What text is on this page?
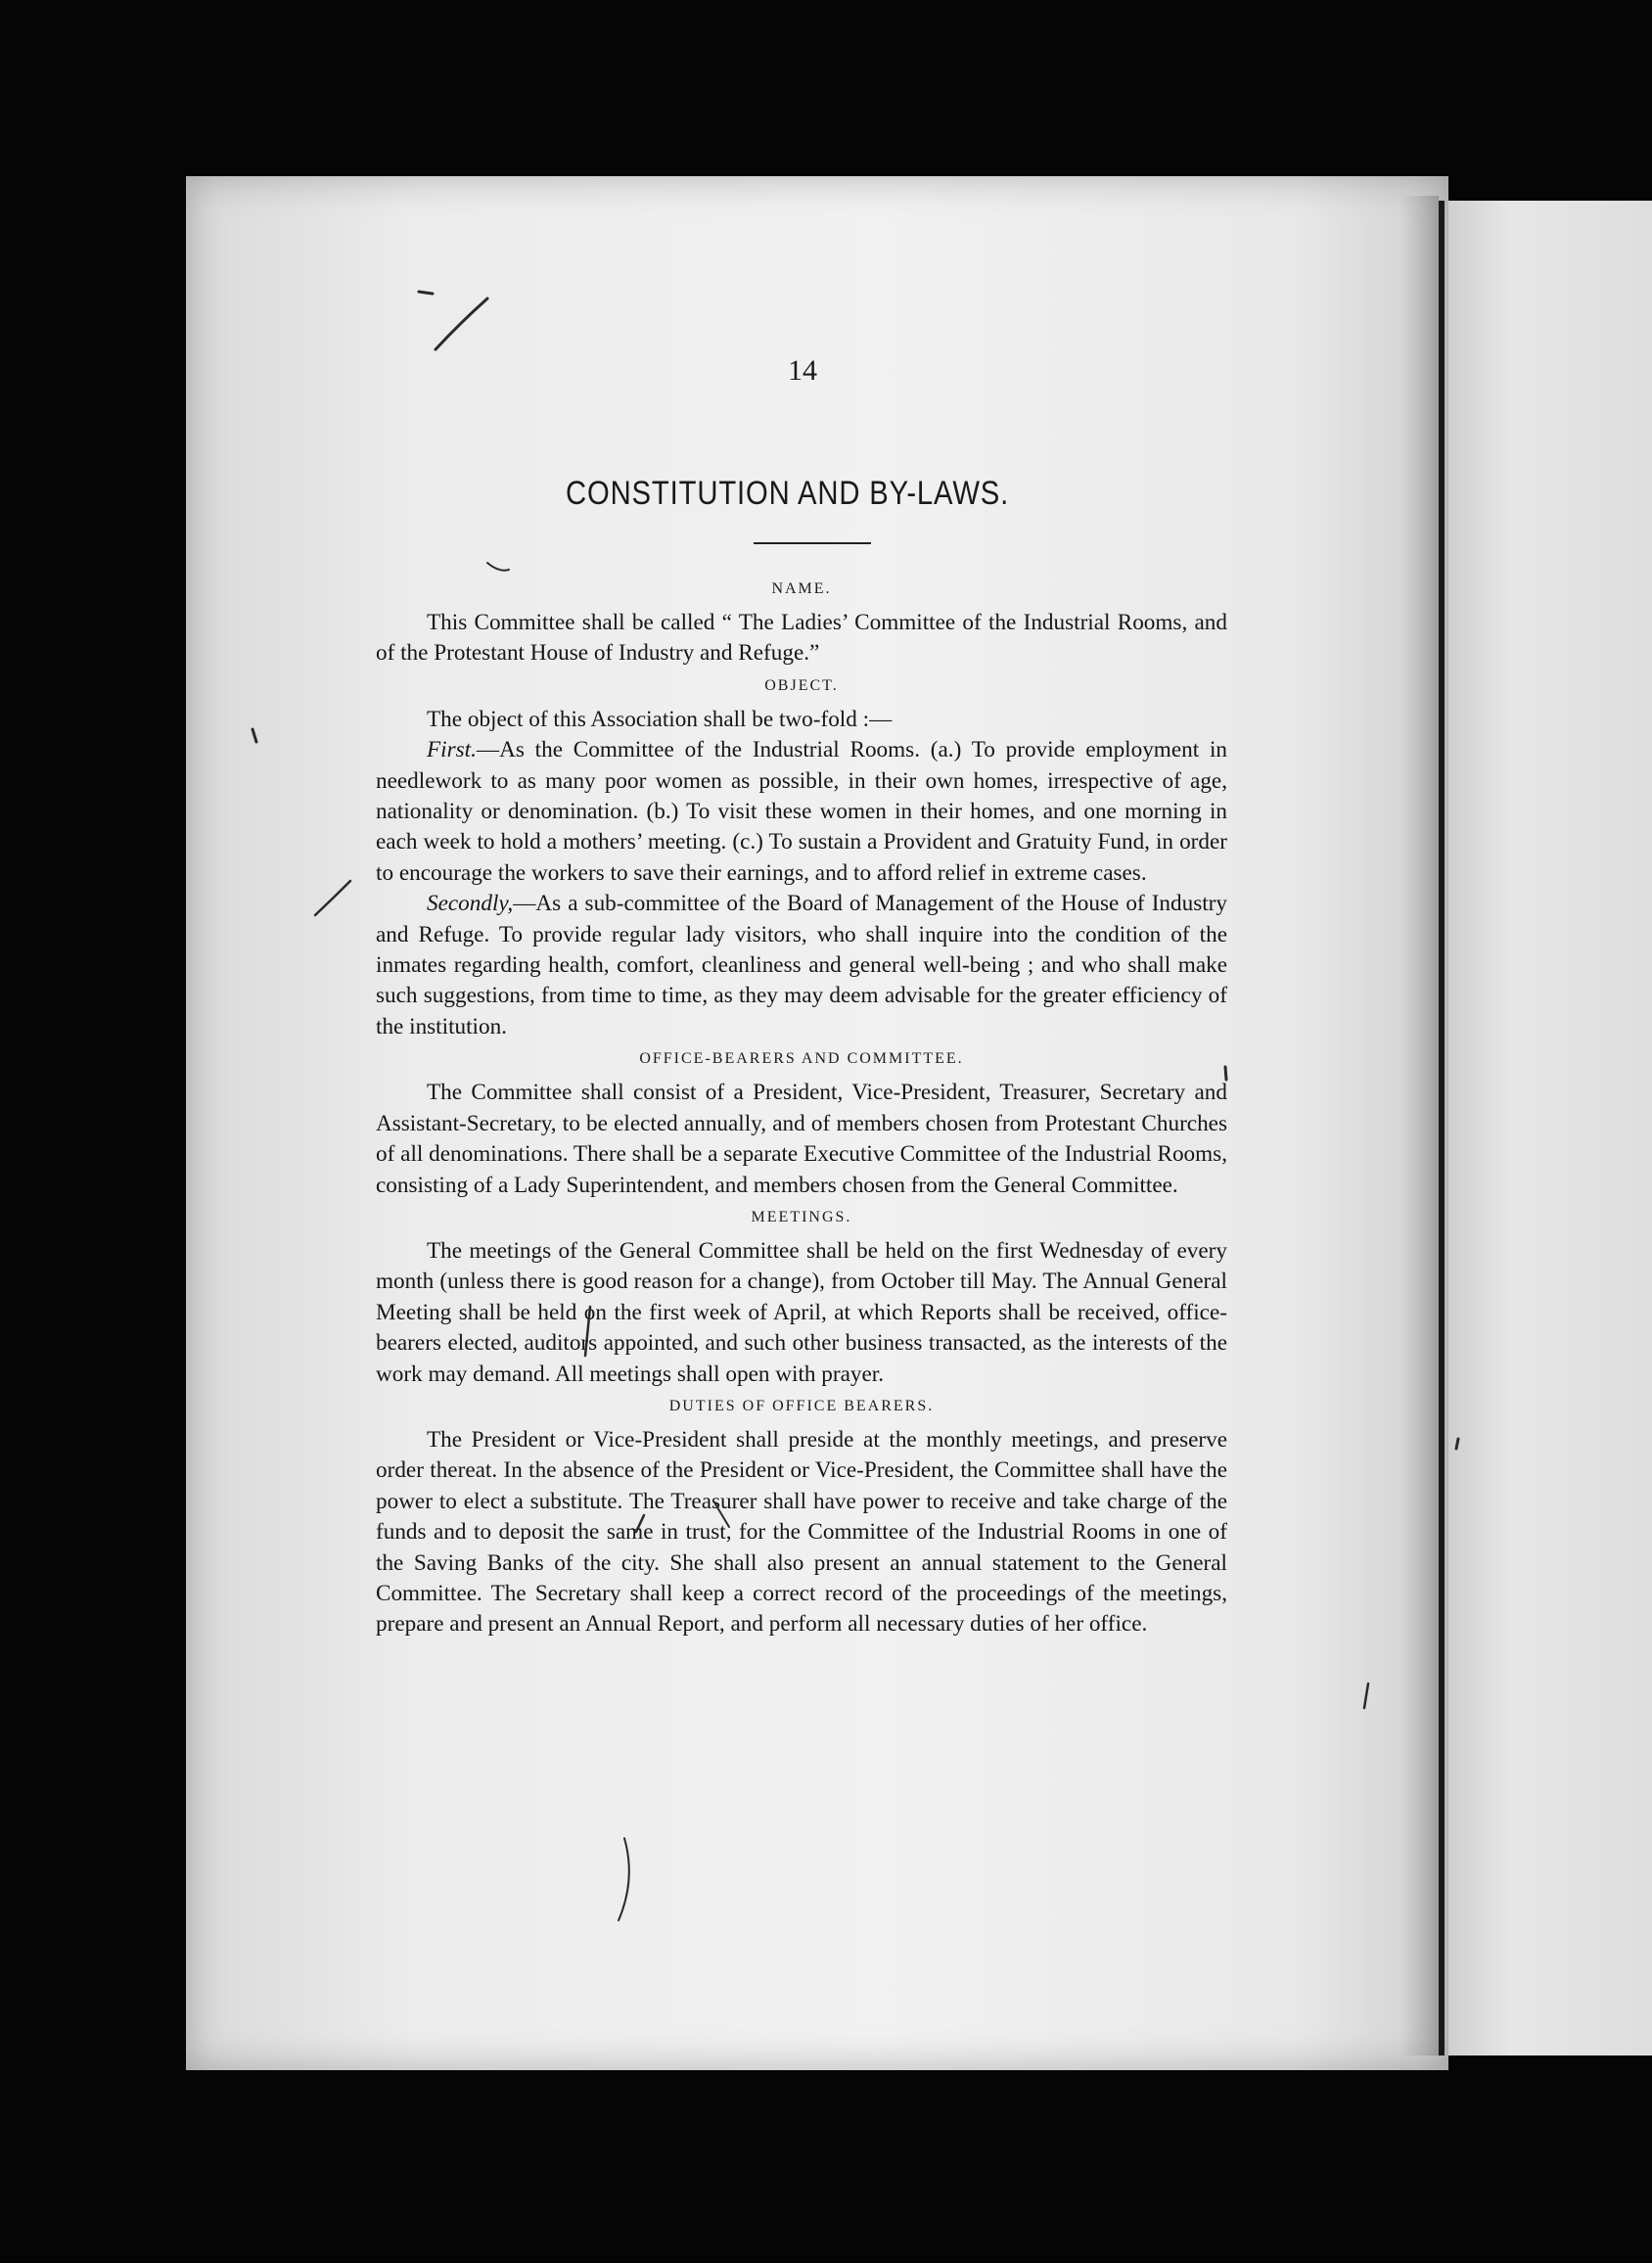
14
CONSTITUTION AND BY-LAWS.
NAME.

This Committee shall be called “ The Ladies’ Committee of the Industrial Rooms, and of the Protestant House of Industry and Refuge.”

OBJECT.

The object of this Association shall be two-fold :—

First.—As the Committee of the Industrial Rooms. (a.) To provide employment in needlework to as many poor women as possible, in their own homes, irrespective of age, nationality or denomination. (b.) To visit these women in their homes, and one morning in each week to hold a mothers’ meeting. (c.) To sustain a Provident and Gratuity Fund, in order to encourage the workers to save their earnings, and to afford relief in extreme cases.

Secondly,—As a sub-committee of the Board of Management of the House of Industry and Refuge. To provide regular lady visitors, who shall inquire into the condition of the inmates regarding health, comfort, cleanliness and general well-being ; and who shall make such suggestions, from time to time, as they may deem advisable for the greater efficiency of the institution.

OFFICE-BEARERS AND COMMITTEE.

The Committee shall consist of a President, Vice-President, Treasurer, Secretary and Assistant-Secretary, to be elected annually, and of members chosen from Protestant Churches of all denominations. There shall be a separate Executive Committee of the Industrial Rooms, consisting of a Lady Superintendent, and members chosen from the General Committee.

MEETINGS.

The meetings of the General Committee shall be held on the first Wednesday of every month (unless there is good reason for a change), from October till May. The Annual General Meeting shall be held on the first week of April, at which Reports shall be received, office-bearers elected, auditors appointed, and such other business transacted, as the interests of the work may demand. All meetings shall open with prayer.

DUTIES OF OFFICE BEARERS.

The President or Vice-President shall preside at the monthly meetings, and preserve order thereat. In the absence of the President or Vice-President, the Committee shall have the power to elect a substitute. The Treasurer shall have power to receive and take charge of the funds and to deposit the same in trust, for the Committee of the Industrial Rooms in one of the Saving Banks of the city. She shall also present an annual statement to the General Committee. The Secretary shall keep a correct record of the proceedings of the meetings, prepare and present an Annual Report, and perform all necessary duties of her office.
